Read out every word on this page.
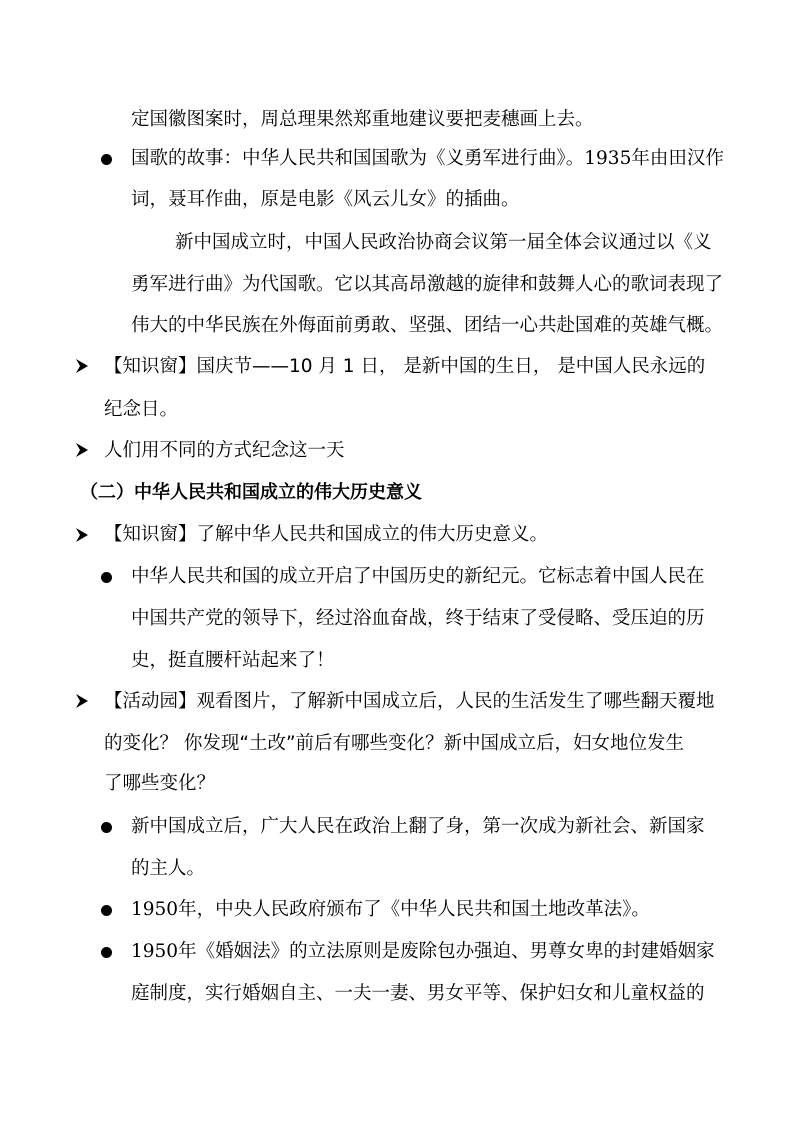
定国徽图案时，周总理果然郑重地建议要把麦穗画上去。
国歌的故事：中华人民共和国国歌为《义勇军进行曲》。1935年由田汉作
词，聂耳作曲，原是电影《风云儿女》的插曲。
新中国成立时，中国人民政治协商会议第一届全体会议通过以《义
勇军进行曲》为代国歌。它以其高昂激越的旋律和鼓舞人心的歌词表现了
伟大的中华民族在外侮面前勇敢、坚强、团结一心共赴国难的英雄气概。
【知识窗】国庆节——10 月 1 日， 是新中国的生日， 是中国人民永远的
纪念日。
人们用不同的方式纪念这一天
（二）中华人民共和国成立的伟大历史意义
【知识窗】了解中华人民共和国成立的伟大历史意义。
中华人民共和国的成立开启了中国历史的新纪元。它标志着中国人民在
中国共产党的领导下，经过浴血奋战，终于结束了受侵略、受压迫的历
史，挺直腰杆站起来了！
【活动园】观看图片，了解新中国成立后，人民的生活发生了哪些翻天覆地
的变化？ 你发现“土改”前后有哪些变化？新中国成立后，妇女地位发生
了哪些变化？
新中国成立后，广大人民在政治上翻了身，第一次成为新社会、新国家
的主人。
1950年，中央人民政府颁布了《中华人民共和国土地改革法》。
1950年《婚姻法》的立法原则是废除包办强迫、男尊女卑的封建婚姻家
庭制度，实行婚姻自主、一夫一妻、男女平等、保护妇女和儿童权益的
